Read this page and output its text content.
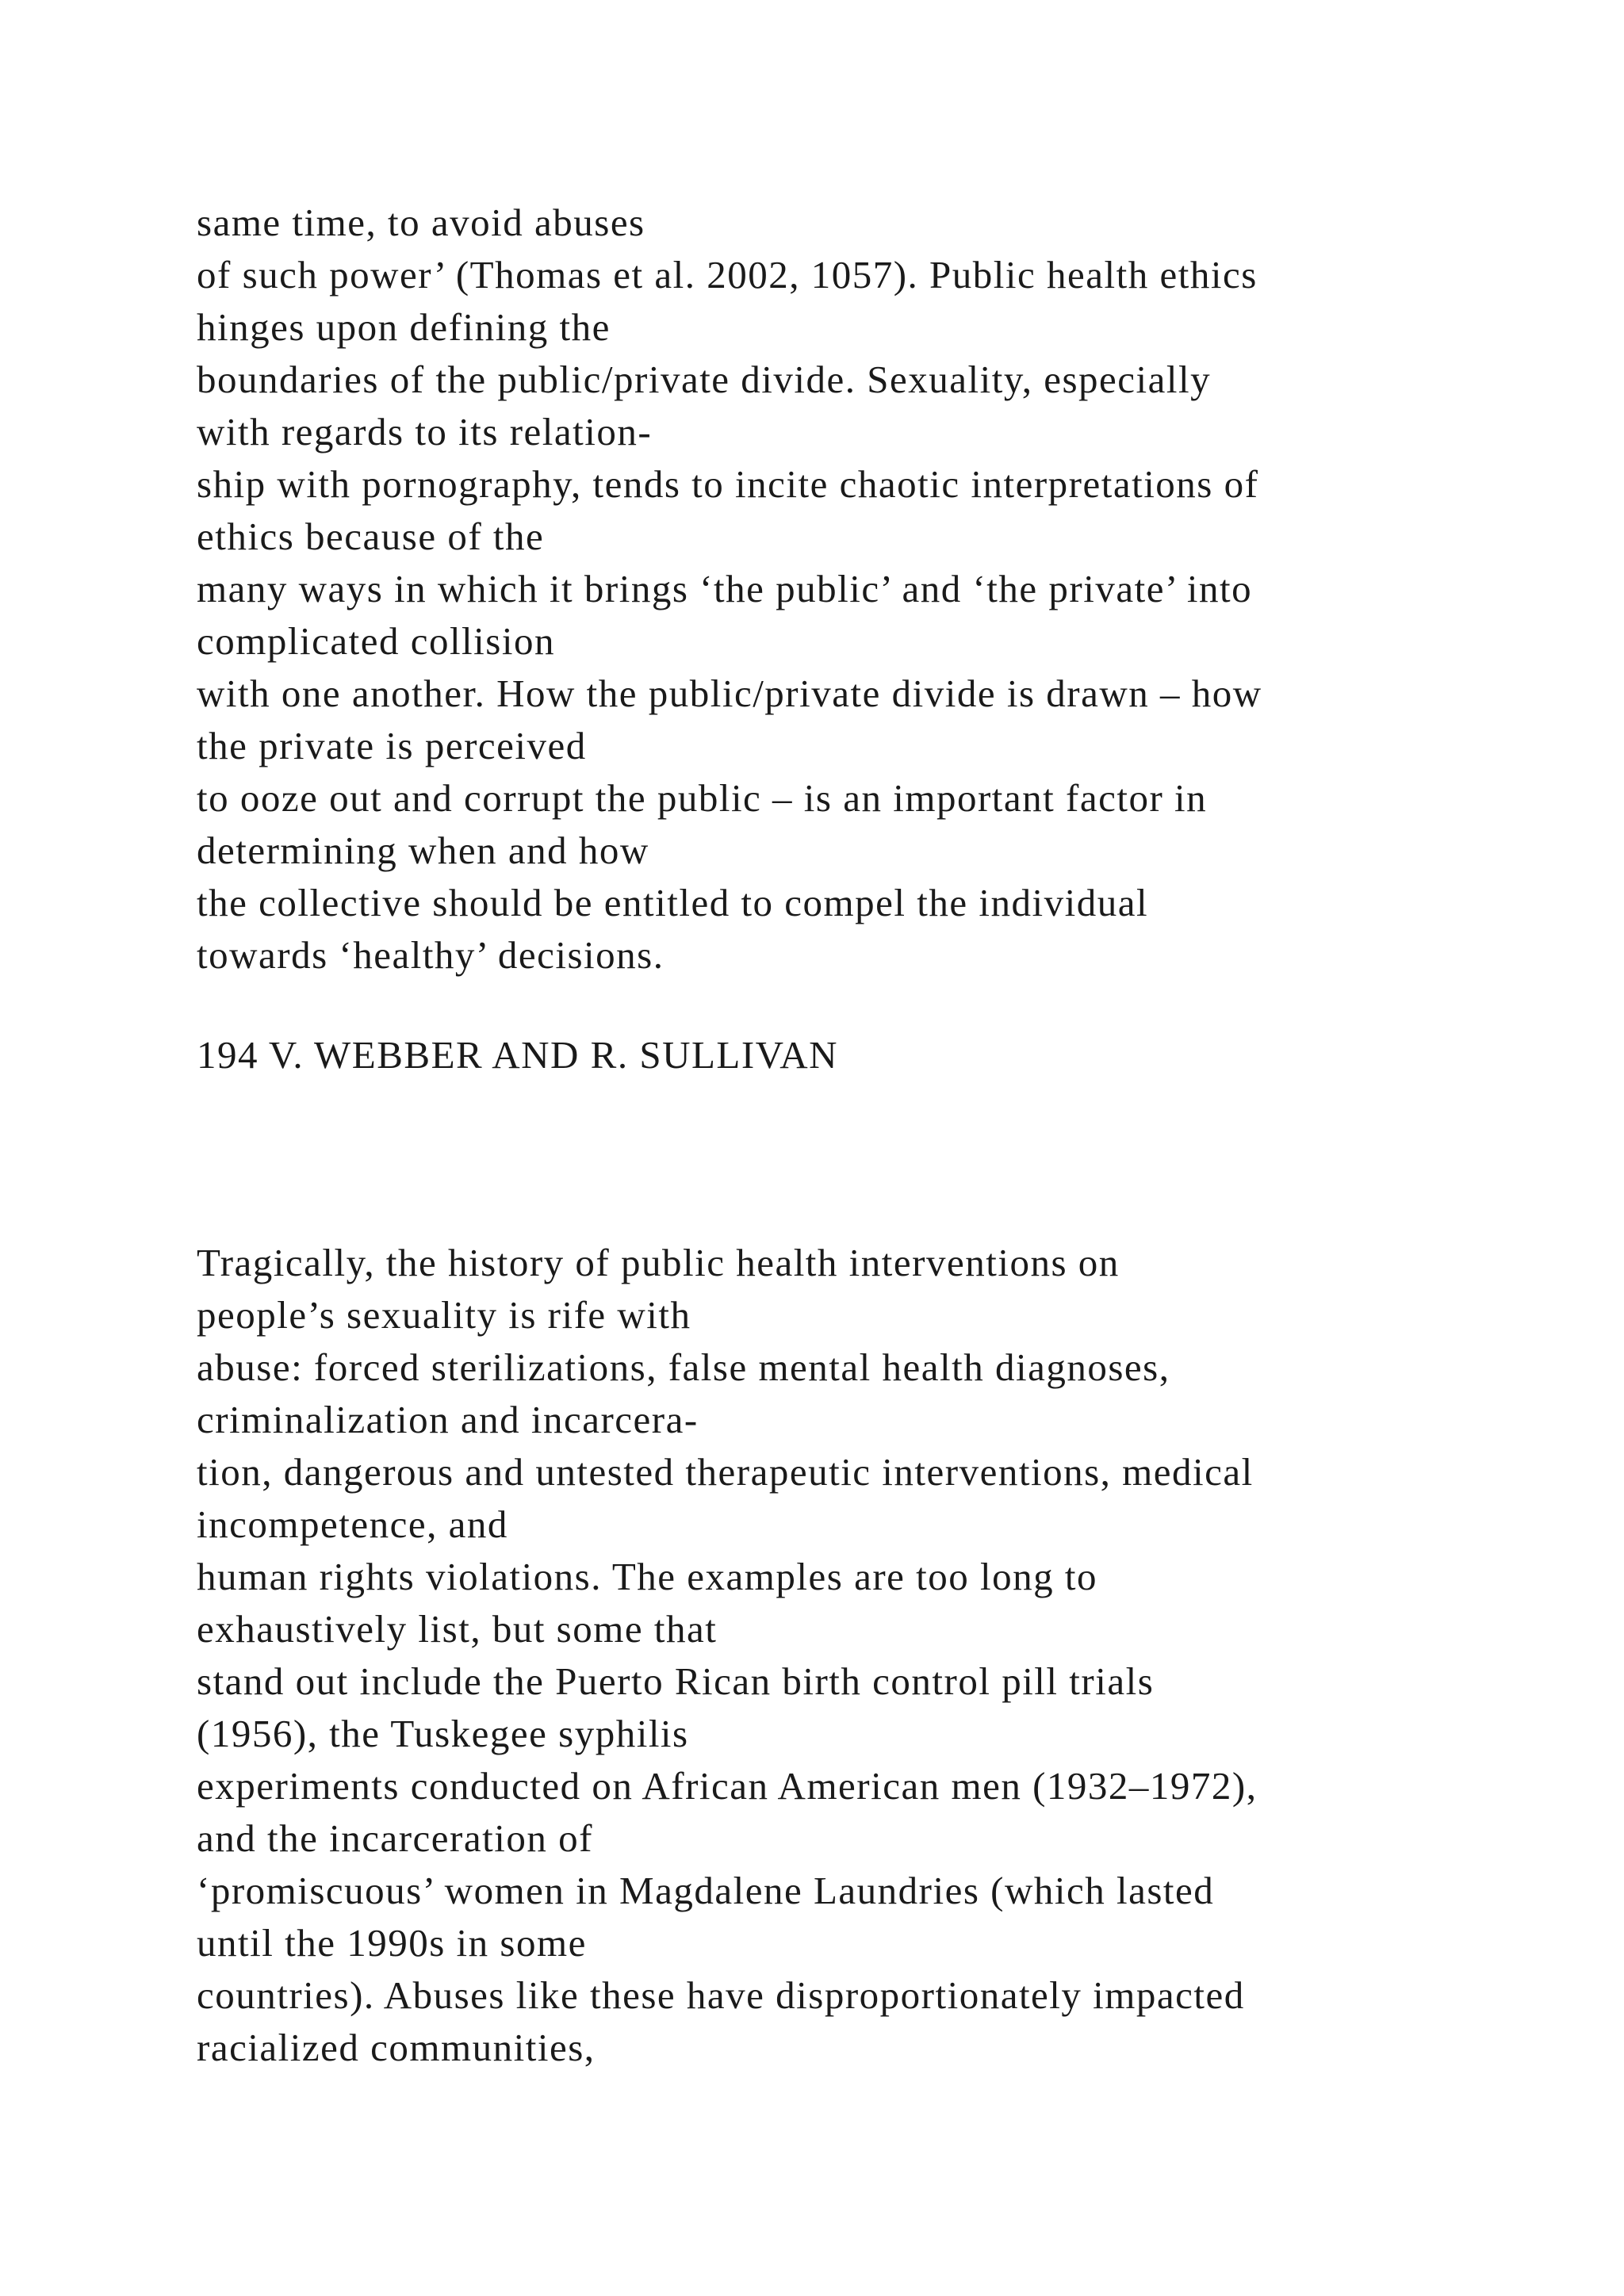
same time, to avoid abuses
of such power’ (Thomas et al. 2002, 1057). Public health ethics
hinges upon defining the
boundaries of the public/private divide. Sexuality, especially
with regards to its relation-
ship with pornography, tends to incite chaotic interpretations of
ethics because of the
many ways in which it brings ‘the public’ and ‘the private’ into
complicated collision
with one another. How the public/private divide is drawn – how
the private is perceived
to ooze out and corrupt the public – is an important factor in
determining when and how
the collective should be entitled to compel the individual
towards ‘healthy’ decisions.
194 V. WEBBER AND R. SULLIVAN
Tragically, the history of public health interventions on
people’s sexuality is rife with
abuse: forced sterilizations, false mental health diagnoses,
criminalization and incarcera-
tion, dangerous and untested therapeutic interventions, medical
incompetence, and
human rights violations. The examples are too long to
exhaustively list, but some that
stand out include the Puerto Rican birth control pill trials
(1956), the Tuskegee syphilis
experiments conducted on African American men (1932–1972),
and the incarceration of
‘promiscuous’ women in Magdalene Laundries (which lasted
until the 1990s in some
countries). Abuses like these have disproportionately impacted
racialized communities,
